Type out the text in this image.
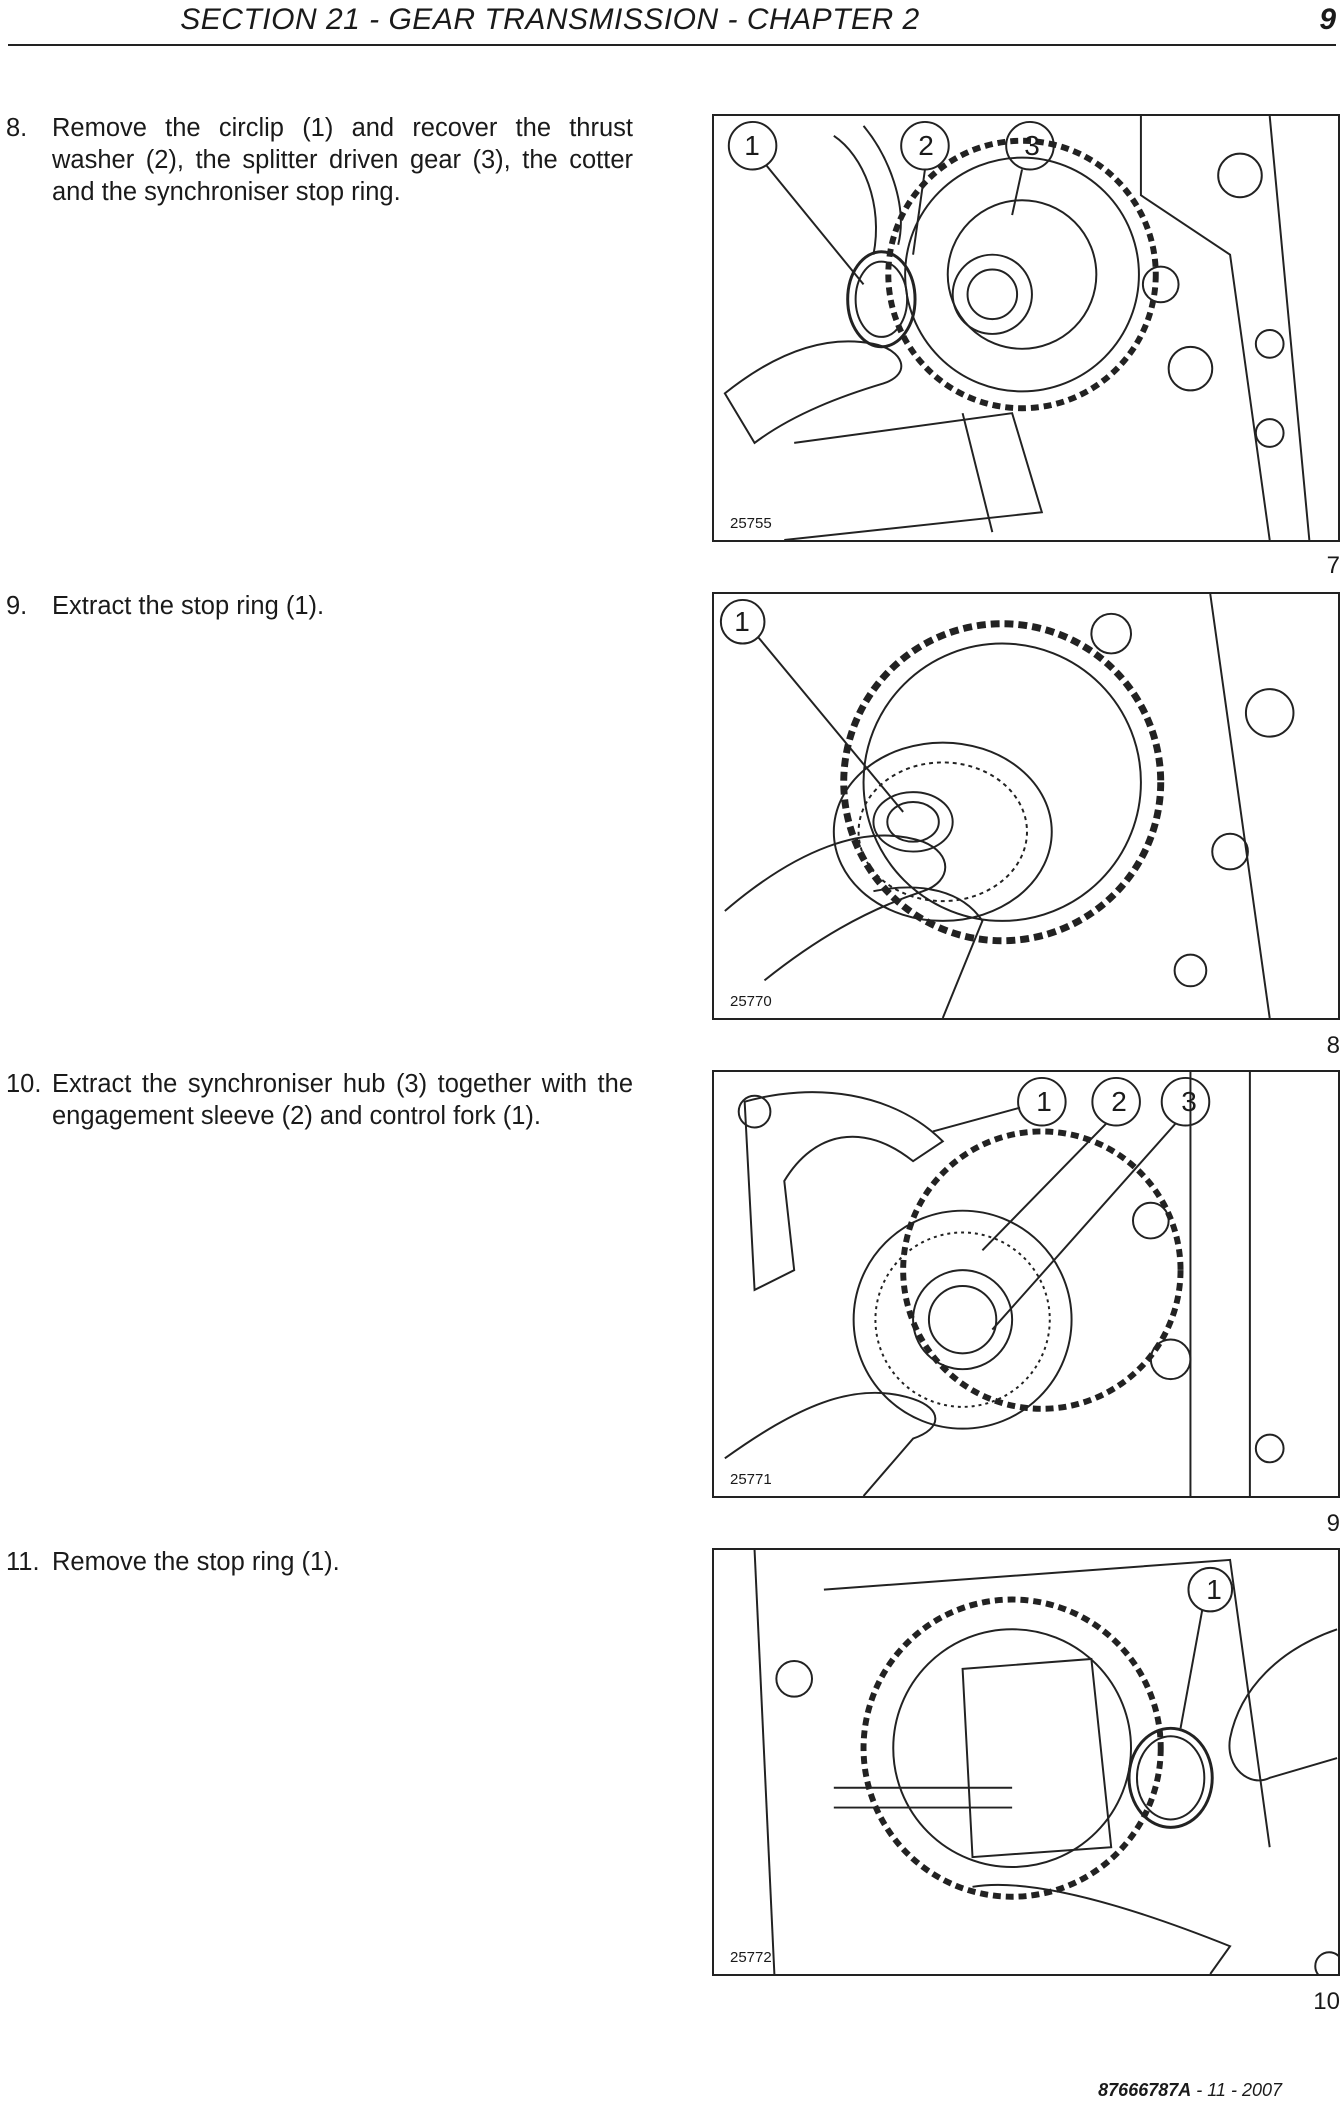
SECTION 21 - GEAR TRANSMISSION - CHAPTER 2	9
8. Remove the circlip (1) and recover the thrust washer (2), the splitter driven gear (3), the cotter and the synchroniser stop ring.
1	2	3
25755
7
9. Extract the stop ring (1).	1
25770
8
10. Extract the synchroniser hub (3) together with the engagement sleeve (2) and control fork (1).	1 2 3
25771
9
11. Remove the stop ring (1).
1
25772
10
87666787A - 11 - 2007
